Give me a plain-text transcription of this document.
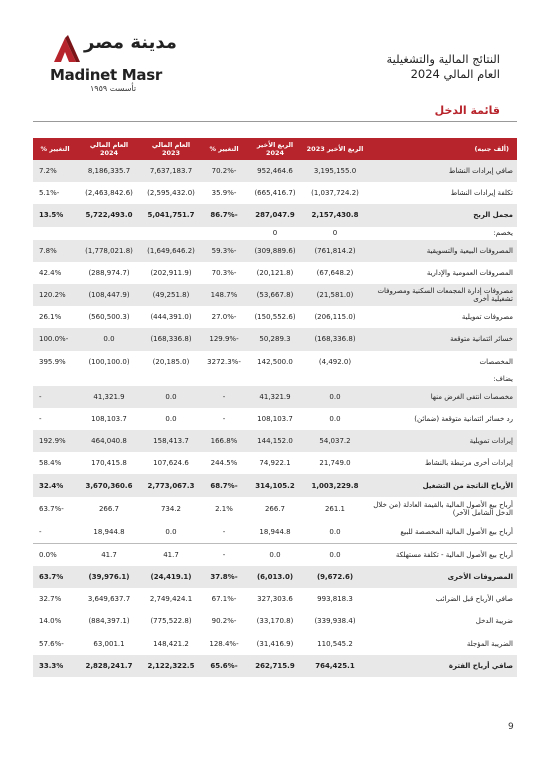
مدينة مصر
Madinet Masr
تأسست ١٩٥٩
النتائج المالية والتشغيلية
العام المالي 2024
قائمة الدخل
(ألف جنيه)	الربع الأخير 2023	الربع الأخير 2024	التغيير %	العام المالي 2023	العام المالي 2024	التغيير %
صافي إيرادات النشاط	3,195,155.0	952,464.6	-70.2%	7,637,183.7	8,186,335.7	7.2%
تكلفة إيرادات النشاط	(1,037,724.2)	(665,416.7)	-35.9%	(2,595,432.0)	(2,463,842.6)	-5.1%
مجمل الربح	2,157,430.8	287,047.9	-86.7%	5,041,751.7	5,722,493.0	13.5%
يخصم:	0	0				
المصروفات البيعية والتسويقية	(761,814.2)	(309,889.6)	-59.3%	(1,649,646.2)	(1,778,021.8)	7.8%
المصروفات العمومية والإدارية	(67,648.2)	(20,121.8)	-70.3%	(202,911.9)	(288,974.7)	42.4%
مصروفات إدارة المجمعات السكنية ومصروفات تشغيلية أخرى	(21,581.0)	(53,667.8)	148.7%	(49,251.8)	(108,447.9)	120.2%
مصروفات تمويلية	(206,115.0)	(150,552.6)	-27.0%	(444,391.0)	(560,500.3)	26.1%
خسائر ائتمانية متوقعة	(168,336.8)	50,289.3	-129.9%	(168,336.8)	0.0	-100.0%
المخصصات	(4,492.0)	142,500.0	-3272.3%	(20,185.0)	(100,100.0)	395.9%
يضاف:						
مخصصات انتفى الغرض منها	0.0	41,321.9	-	0.0	41,321.9	-
رد خسائر ائتمانية متوقعة (ضمائن)	0.0	108,103.7	-	0.0	108,103.7	-
إيرادات تمويلية	54,037.2	144,152.0	166.8%	158,413.7	464,040.8	192.9%
إيرادات أخرى مرتبطة بالنشاط	21,749.0	74,922.1	244.5%	107,624.6	170,415.8	58.4%
الأرباح الناتجة من التشغيل	1,003,229.8	314,105.2	-68.7%	2,773,067.3	3,670,360.6	32.4%
أرباح بيع الأصول المالية بالقيمة العادلة (من خلال الدخل الشامل الآخر)	261.1	266.7	2.1%	734.2	266.7	-63.7%
أرباح بيع الأصول المالية المخصصة للبيع	0.0	18,944.8	-	0.0	18,944.8	-
أرباح بيع الأصول المالية - تكلفة مستهلكة	0.0	0.0	-	41.7	41.7	0.0%
المصروفات الأخرى	(9,672.6)	(6,013.0)	-37.8%	(24,419.1)	(39,976.1)	63.7%
صافي الأرباح قبل الضرائب	993,818.3	327,303.6	-67.1%	2,749,424.1	3,649,637.7	32.7%
ضريبة الدخل	(339,938.4)	(33,170.8)	-90.2%	(775,522.8)	(884,397.1)	14.0%
الضريبة المؤجلة	110,545.2	(31,416.9)	-128.4%	148,421.2	63,001.1	-57.6%
صافي أرباح الفترة	764,425.1	262,715.9	-65.6%	2,122,322.5	2,828,241.7	33.3%
9
